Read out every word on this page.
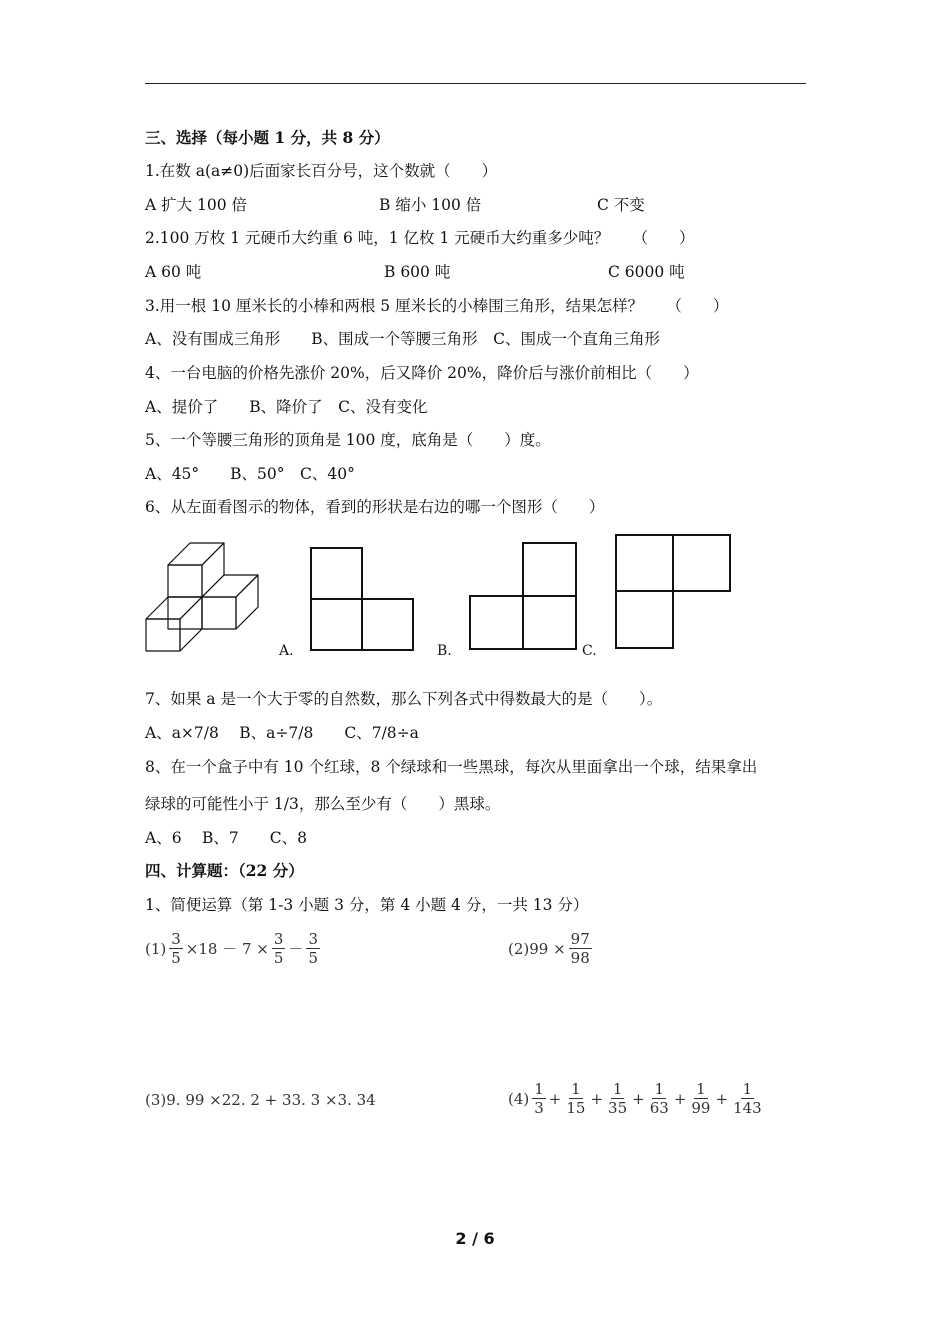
三、选择（每小题 1 分，共 8 分）
1.在数 a(a≠0)后面家长百分号，这个数就（　　）
A 扩大 100 倍	B 缩小 100 倍	C 不变
2.100 万枚 1 元硬币大约重 6 吨，1 亿枚 1 元硬币大约重多少吨？　　（　　）
A 60 吨	B 600 吨	C 6000 吨
3.用一根 10 厘米长的小棒和两根 5 厘米长的小棒围三角形，结果怎样？　　（　　）
A、没有围成三角形　　B、围成一个等腰三角形　C、围成一个直角三角形
4、一台电脑的价格先涨价 20%，后又降价 20%，降价后与涨价前相比（　　）
A、提价了　　B、降价了　C、没有变化
5、一个等腰三角形的顶角是 100 度，底角是（　　）度。
A、45°　　B、50°　C、40°
6、从左面看图示的物体，看到的形状是右边的哪一个图形（　　）
A.	B.	C.
7、如果 a 是一个大于零的自然数，那么下列各式中得数最大的是（　　）。
A、a×7/8　 B、a÷7/8　　C、7/8÷a
8、在一个盒子中有 10 个红球，8 个绿球和一些黑球，每次从里面拿出一个球，结果拿出
绿球的可能性小于 1/3，那么至少有（　　）黑球。
A、6　 B、7　　C、8
四、计算题：（22 分）
1、简便运算（第 1-3 小题 3 分，第 4 小题 4 分，一共 13 分）
$(1) \frac{3}{5} \times 18 - 7 \times \frac{3}{5} - \frac{3}{5}$	$(2)99 \times \frac{97}{98}$
(3)9. 99 ×22. 2 + 33. 3 ×3. 34	$(4) \frac{1}{3} + \frac{1}{15} + \frac{1}{35} + \frac{1}{63} + \frac{1}{99} + \frac{1}{143}$
2 / 6
